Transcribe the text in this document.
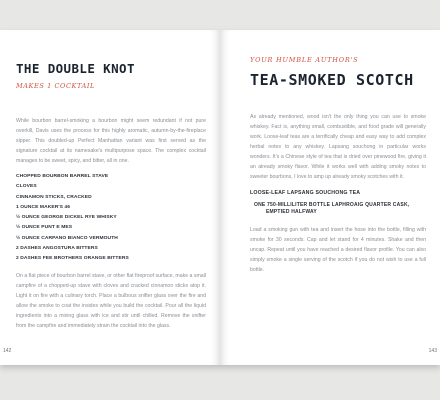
THE DOUBLE KNOT
MAKES 1 COCKTAIL

While bourbon barrel-smoking a bourbon might seem redundant if not pure overkill, Davis uses the process for this highly aromatic, autumn-by-the-fireplace sipper. This doubled-up Perfect Manhattan variant was first served as the signature cocktail at its namesake's multipurpose space. The complex cocktail manages to be sweet, spicy, and bitter, all in one.

CHOPPED BOURBON BARREL STAVE
CLOVES
CINNAMON STICKS, CRACKED
1 OUNCE MAKER'S 46
½ OUNCE GEORGE DICKEL RYE WHISKY
½ OUNCE PUNT E MES
½ OUNCE CARPANO BIANCO VERMOUTH
2 DASHES ANGOSTURA BITTERS
2 DASHES FEE BROTHERS ORANGE BITTERS

On a flat piece of bourbon barrel stave, or other flat fireproof surface, make a small campfire of a chopped-up stave with cloves and cracked cinnamon sticks atop it. Light it on fire with a culinary torch. Place a bulbous snifter glass over the fire and allow the smoke to coat the insides while you build the cocktail. Pour all the liquid ingredients into a mixing glass with ice and stir until chilled. Remove the snifter from the campfire and immediately strain the cocktail into the glass.

142
YOUR HUMBLE AUTHOR'S
TEA-SMOKED SCOTCH

As already mentioned, wood isn't the only thing you can use to smoke whiskey. Fact is, anything small, combustible, and food grade will generally work. Loose-leaf teas are a terrifically cheap and easy way to add complex herbal notes to any whiskey. Lapsang souchong in particular works wonders. It's a Chinese style of tea that is dried over pinewood fire, giving it an already smoky flavor. While it works well with adding smoky notes to sweeter bourbons, I love to amp up already smoky scotches with it.

LOOSE-LEAF LAPSANG SOUCHONG TEA
ONE 750-MILLILITER BOTTLE LAPHROAIG QUARTER CASK,
EMPTIED HALFWAY

Load a smoking gun with tea and insert the hose into the bottle, filling with smoke for 30 seconds. Cap and let stand for 4 minutes. Shake and then uncap. Repeat until you have reached a desired flavor profile. You can also simply smoke a single serving of the scotch if you do not wish to use a full bottle.

143
